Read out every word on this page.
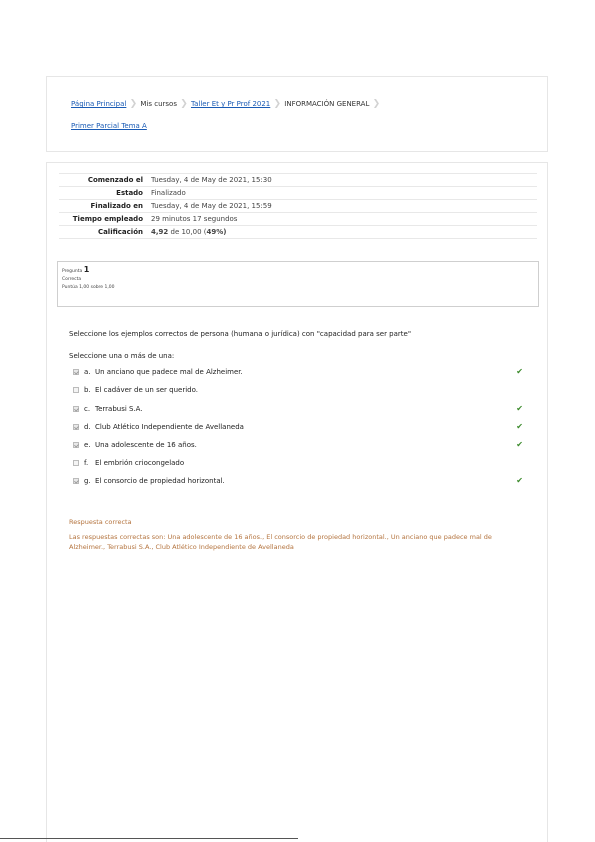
Página Principal ❯ Mis cursos ❯ Taller Et y Pr Prof 2021 ❯ INFORMACIÓN GENERAL ❯
Primer Parcial Tema A
Comenzado el	Tuesday, 4 de May de 2021, 15:30
Estado	Finalizado
Finalizado en	Tuesday, 4 de May de 2021, 15:59
Tiempo empleado	29 minutos 17 segundos
Calificación	4,92 de 10,00 (49%)
Pregunta 1
Correcta
Puntúa 1,00 sobre 1,00
Seleccione los ejemplos correctos de persona (humana o jurídica) con "capacidad para ser parte"
Seleccione una o más de una:
a. Un anciano que padece mal de Alzheimer.	✔
b. El cadáver de un ser querido.
c. Terrabusi S.A.	✔
d. Club Atlético Independiente de Avellaneda	✔
e. Una adolescente de 16 años.	✔
f. El embrión criocongelado
g. El consorcio de propiedad horizontal.	✔
Respuesta correcta
Las respuestas correctas son: Una adolescente de 16 años., El consorcio de propiedad horizontal., Un anciano que padece mal de Alzheimer., Terrabusi S.A., Club Atlético Independiente de Avellaneda
